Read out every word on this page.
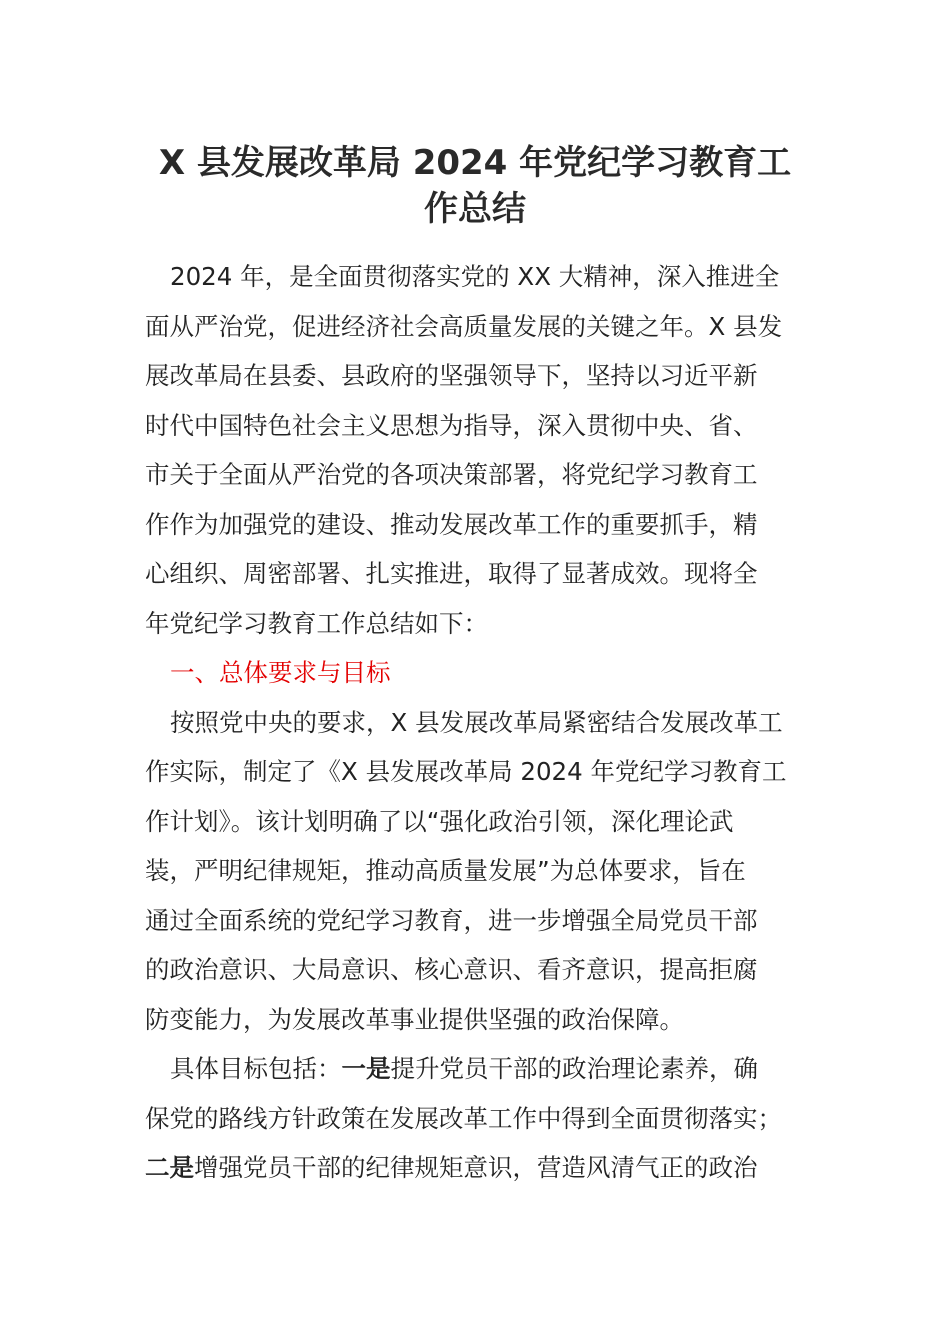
X 县发展改革局 2024 年党纪学习教育工
作总结
2024 年，是全面贯彻落实党的 XX 大精神，深入推进全
面从严治党，促进经济社会高质量发展的关键之年。X 县发
展改革局在县委、县政府的坚强领导下，坚持以习近平新
时代中国特色社会主义思想为指导，深入贯彻中央、省、
市关于全面从严治党的各项决策部署，将党纪学习教育工
作作为加强党的建设、推动发展改革工作的重要抓手，精
心组织、周密部署、扎实推进，取得了显著成效。现将全
年党纪学习教育工作总结如下：
一、总体要求与目标
按照党中央的要求，X 县发展改革局紧密结合发展改革工
作实际，制定了《X 县发展改革局 2024 年党纪学习教育工
作计划》。该计划明确了以“强化政治引领，深化理论武
装，严明纪律规矩，推动高质量发展”为总体要求，旨在
通过全面系统的党纪学习教育，进一步增强全局党员干部
的政治意识、大局意识、核心意识、看齐意识，提高拒腐
防变能力，为发展改革事业提供坚强的政治保障。
具体目标包括：一是提升党员干部的政治理论素养，确
保党的路线方针政策在发展改革工作中得到全面贯彻落实；
二是增强党员干部的纪律规矩意识，营造风清气正的政治
